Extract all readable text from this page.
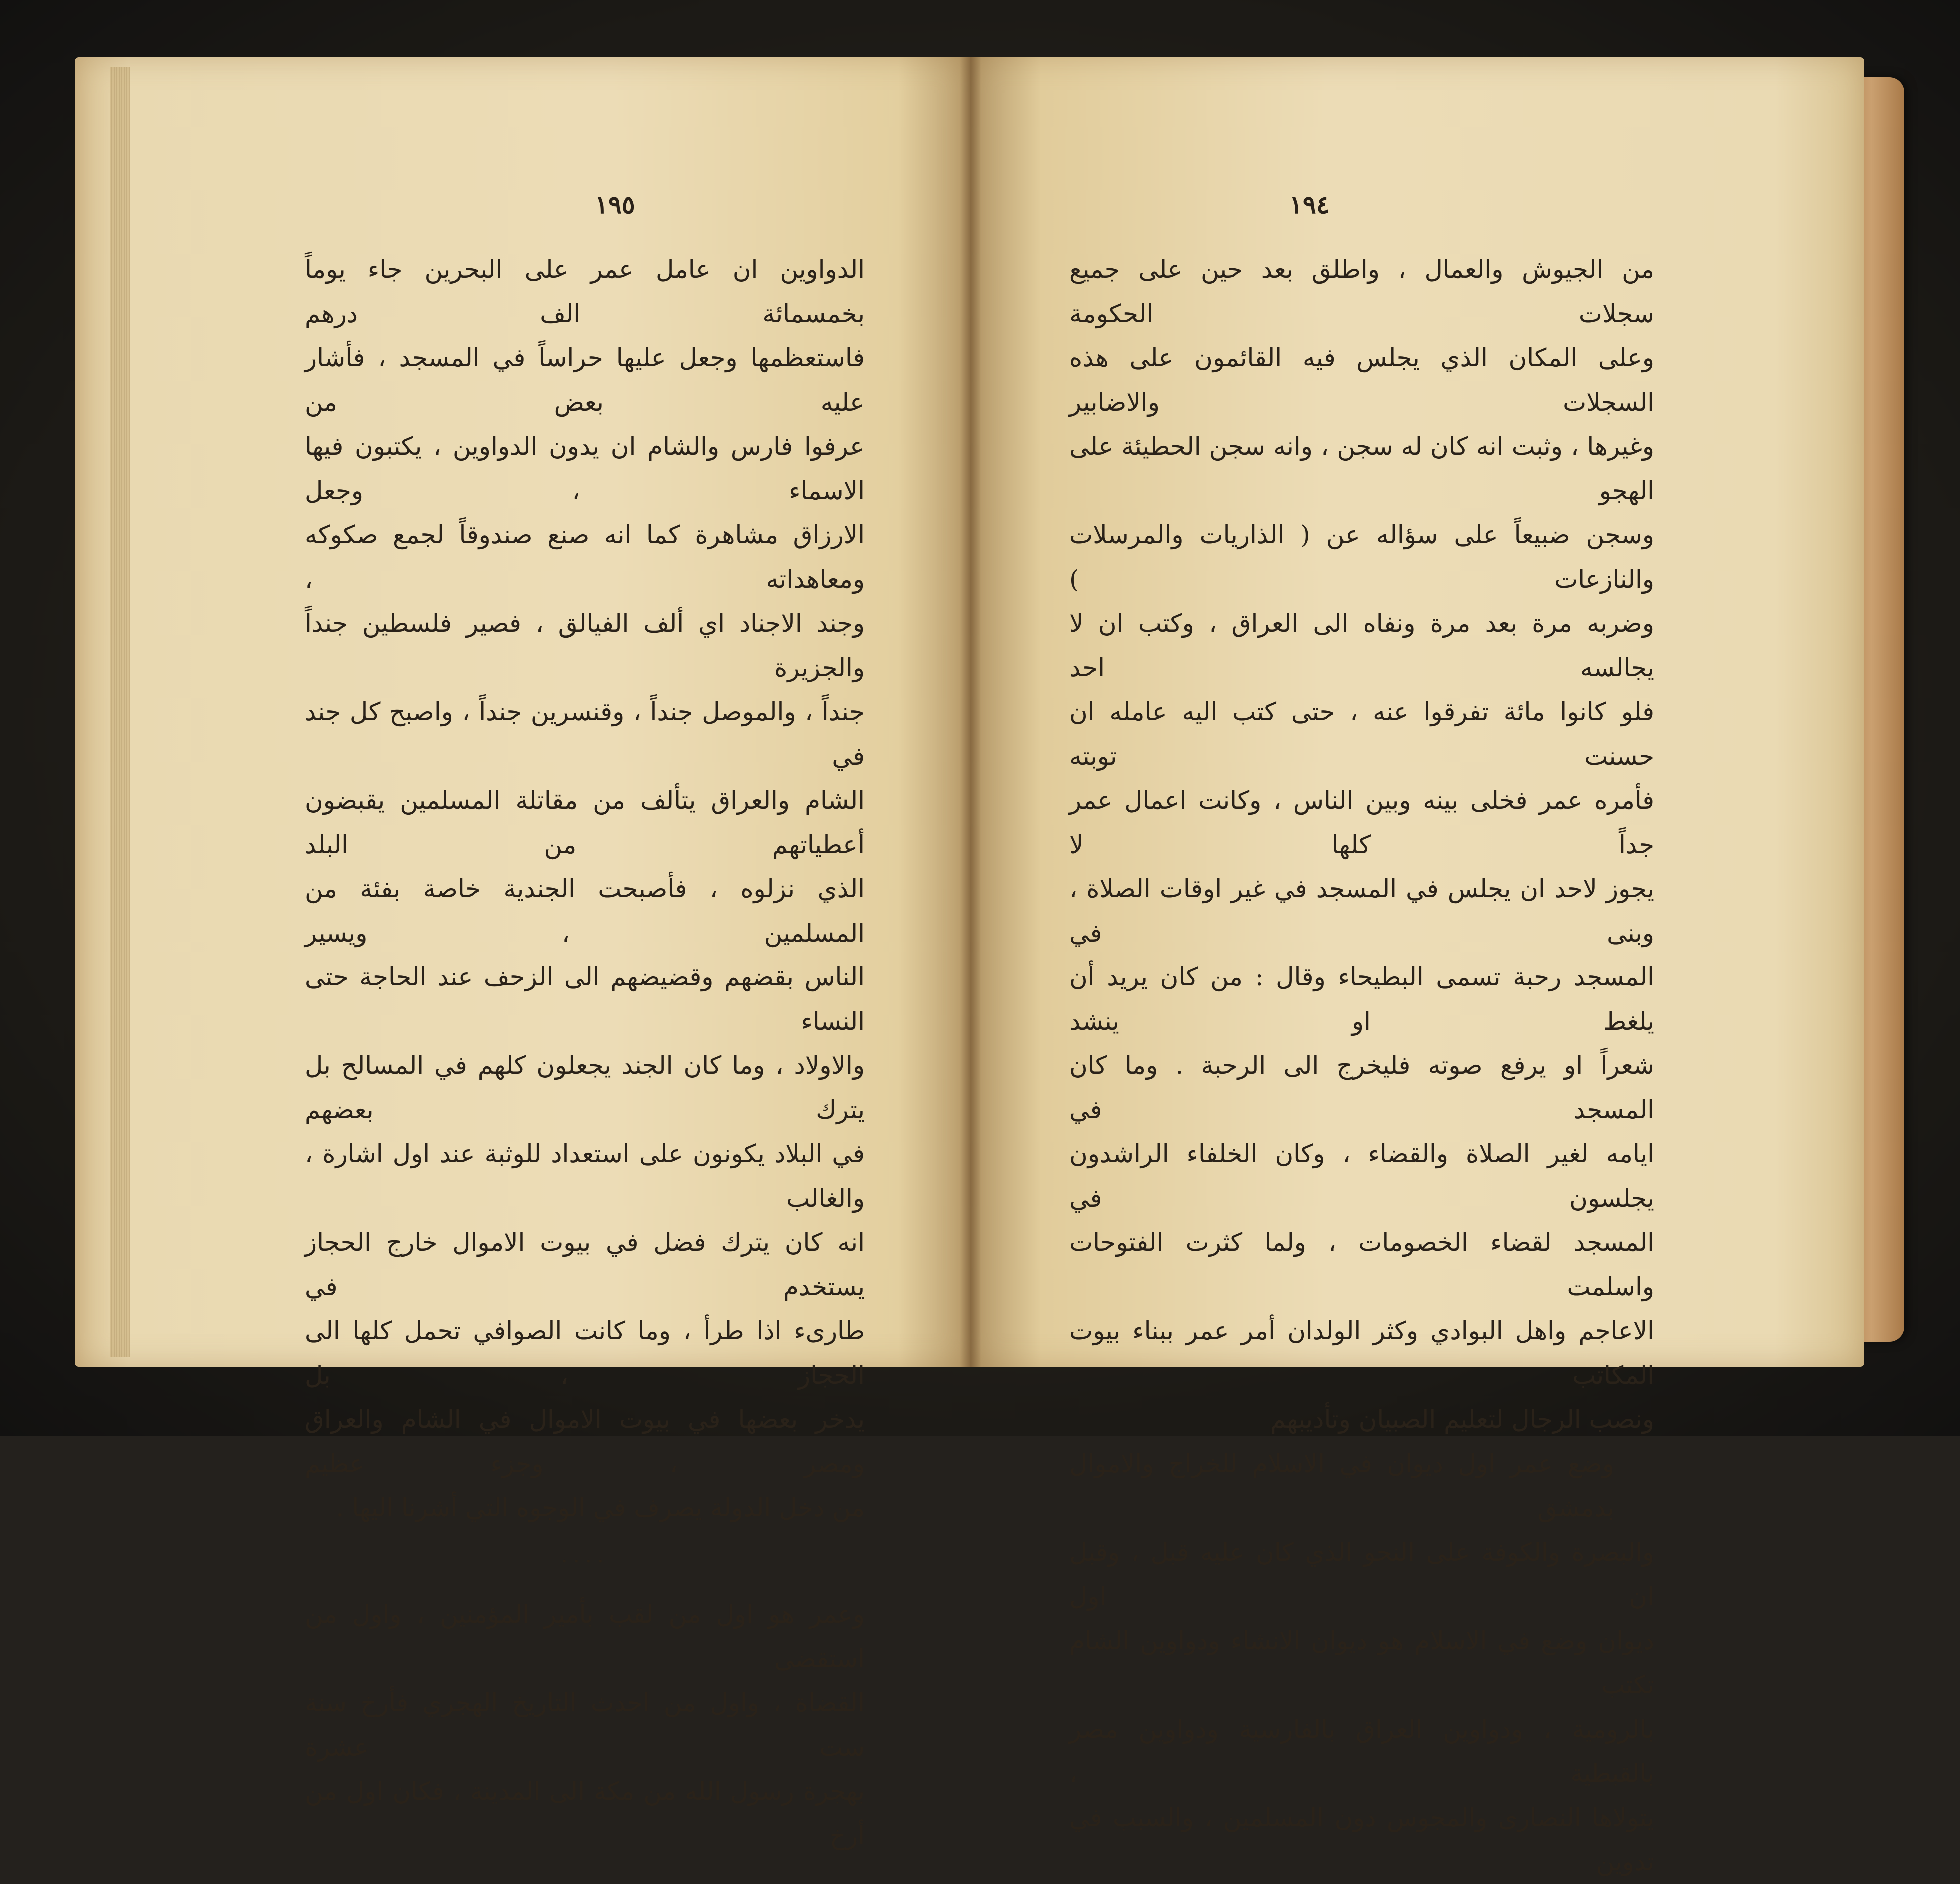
١٩٥

الدواوين ان عامل عمر على البحرين جاء يوماً بخمسمائة الف درهم

فاستعظمها وجعل عليها حراساً في المسجد ، فأشار عليه بعض من

عرفوا فارس والشام ان يدون الدواوين ، يكتبون فيها الاسماء ، وجعل

الارزاق مشاهرة كما انه صنع صندوقاً لجمع صكوكه ومعاهداته ،

وجند الاجناد اي ألف الفيالق ، فصير فلسطين جنداً والجزيرة

جنداً ، والموصل جنداً ، وقنسرين جنداً ، واصبح كل جند في

الشام والعراق يتألف من مقاتلة المسلمين يقبضون أعطياتهم من البلد

الذي نزلوه ، فأصبحت الجندية خاصة بفئة من المسلمين ، ويسير

الناس بقضهم وقضيضهم الى الزحف عند الحاجة حتى النساء

والاولاد ، وما كان الجند يجعلون كلهم في المسالح بل يترك بعضهم

في البلاد يكونون على استعداد للوثبة عند اول اشارة ، والغالب

انه كان يترك فضل في بيوت الاموال خارج الحجاز يستخدم في

طارىء اذا طرأ ، وما كانت الصوافي تحمل كلها الى الحجاز ، بل

يدخر بعضها في بيوت الاموال في الشام والعراق ومصر ، وجزء عظيم

من دخل الدولة يصرف في الوجوه التي أشرنا اليها .

....

وعمر هو اول من لقب بأمير المؤمنين ، واول من استقضى

القضاة ، واول من احدث التاريخ الهجري فأرخ سنة ست عشرة

بهجرة رسول الله من مكة الى المدينة ، فكان اول من أرخ

١٩٤

من الجيوش والعمال ، واطلق بعد حين على جميع سجلات الحكومة

وعلى المكان الذي يجلس فيه القائمون على هذه السجلات والاضابير

وغيرها ، وثبت انه كان له سجن ، وانه سجن الحطيئة على الهجو

وسجن ضبيعاً على سؤاله عن ( الذاريات والمرسلات والنازعات )

وضربه مرة بعد مرة ونفاه الى العراق ، وكتب ان لا يجالسه احد

فلو كانوا مائة تفرقوا عنه ، حتى كتب اليه عامله ان حسنت توبته

فأمره عمر فخلى بينه وبين الناس ، وكانت اعمال عمر جداً كلها لا

يجوز لاحد ان يجلس في المسجد في غير اوقات الصلاة ، وبنى في

المسجد رحبة تسمى البطيحاء وقال : من كان يريد أن يلغط او ينشد

شعراً او يرفع صوته فليخرج الى الرحبة . وما كان المسجد في

ايامه لغير الصلاة والقضاء ، وكان الخلفاء الراشدون يجلسون في

المسجد لقضاء الخصومات ، ولما كثرت الفتوحات واسلمت

الاعاجم واهل البوادي وكثر الولدان أمر عمر ببناء بيوت المكاتب

ونصب الرجال لتعليم الصبيان وتأديبهم

وضع عمر اول ديوان في الاسلام للخراج والاموال بدمشق

والبصرة والكوفة على النحو الذي كان عليه قبل ، وقبل ان اول

ديوان وضع في الاسلام هو ديوان الانشاء ودواوين الشام تكتب

بالرومية ، ودواوين العراق بالفارسية ودواوين مصر بالقبطية ،

يتولاها النصارى والمجوس دون المسلمين ، والسبب في تدوين
